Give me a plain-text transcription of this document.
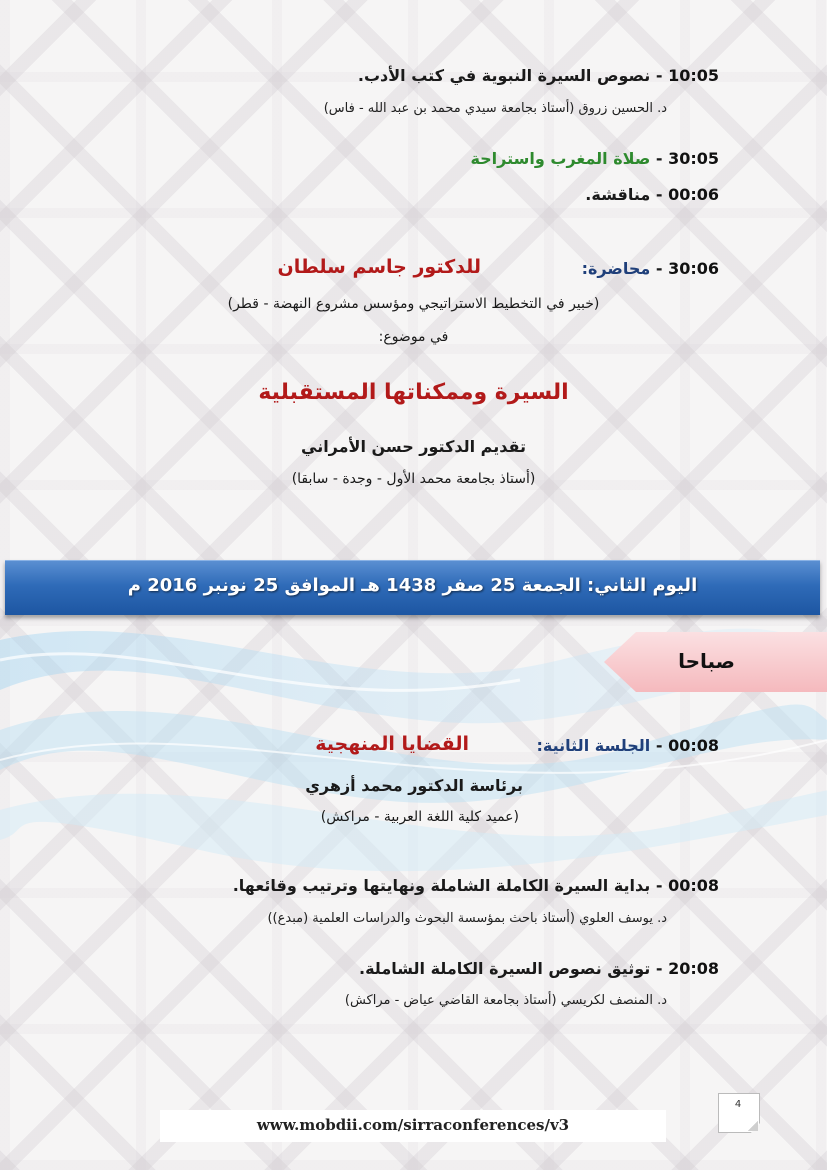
10:05 - نصوص السيرة النبوية في كتب الأدب.
د. الحسين زروق (أستاذ بجامعة سيدي محمد بن عبد الله - فاس)
30:05 - صلاة المغرب واستراحة
00:06 - مناقشة.
30:06 - محاضرة:
للدكتور جاسم سلطان
(خبير في التخطيط الاستراتيجي ومؤسس مشروع النهضة - قطر)
في موضوع:
السيرة وممكناتها المستقبلية
تقديم الدكتور حسن الأمراني
(أستاذ بجامعة محمد الأول - وجدة - سابقا)
اليوم الثاني: الجمعة 25 صفر 1438 هـ الموافق 25 نونبر 2016 م
صباحا
00:08 - الجلسة الثانية:
القضايا المنهجية
برئاسة الدكتور محمد أزهري
(عميد كلية اللغة العربية - مراكش)
00:08 - بداية السيرة الكاملة الشاملة ونهايتها وترتيب وقائعها.
د. يوسف العلوي (أستاذ باحث بمؤسسة البحوث والدراسات العلمية (مبدع))
20:08 - توثيق نصوص السيرة الكاملة الشاملة.
د. المنصف لكريسي (أستاذ بجامعة القاضي عياض - مراكش)
www.mobdii.com/sirraconferences/v3
4
